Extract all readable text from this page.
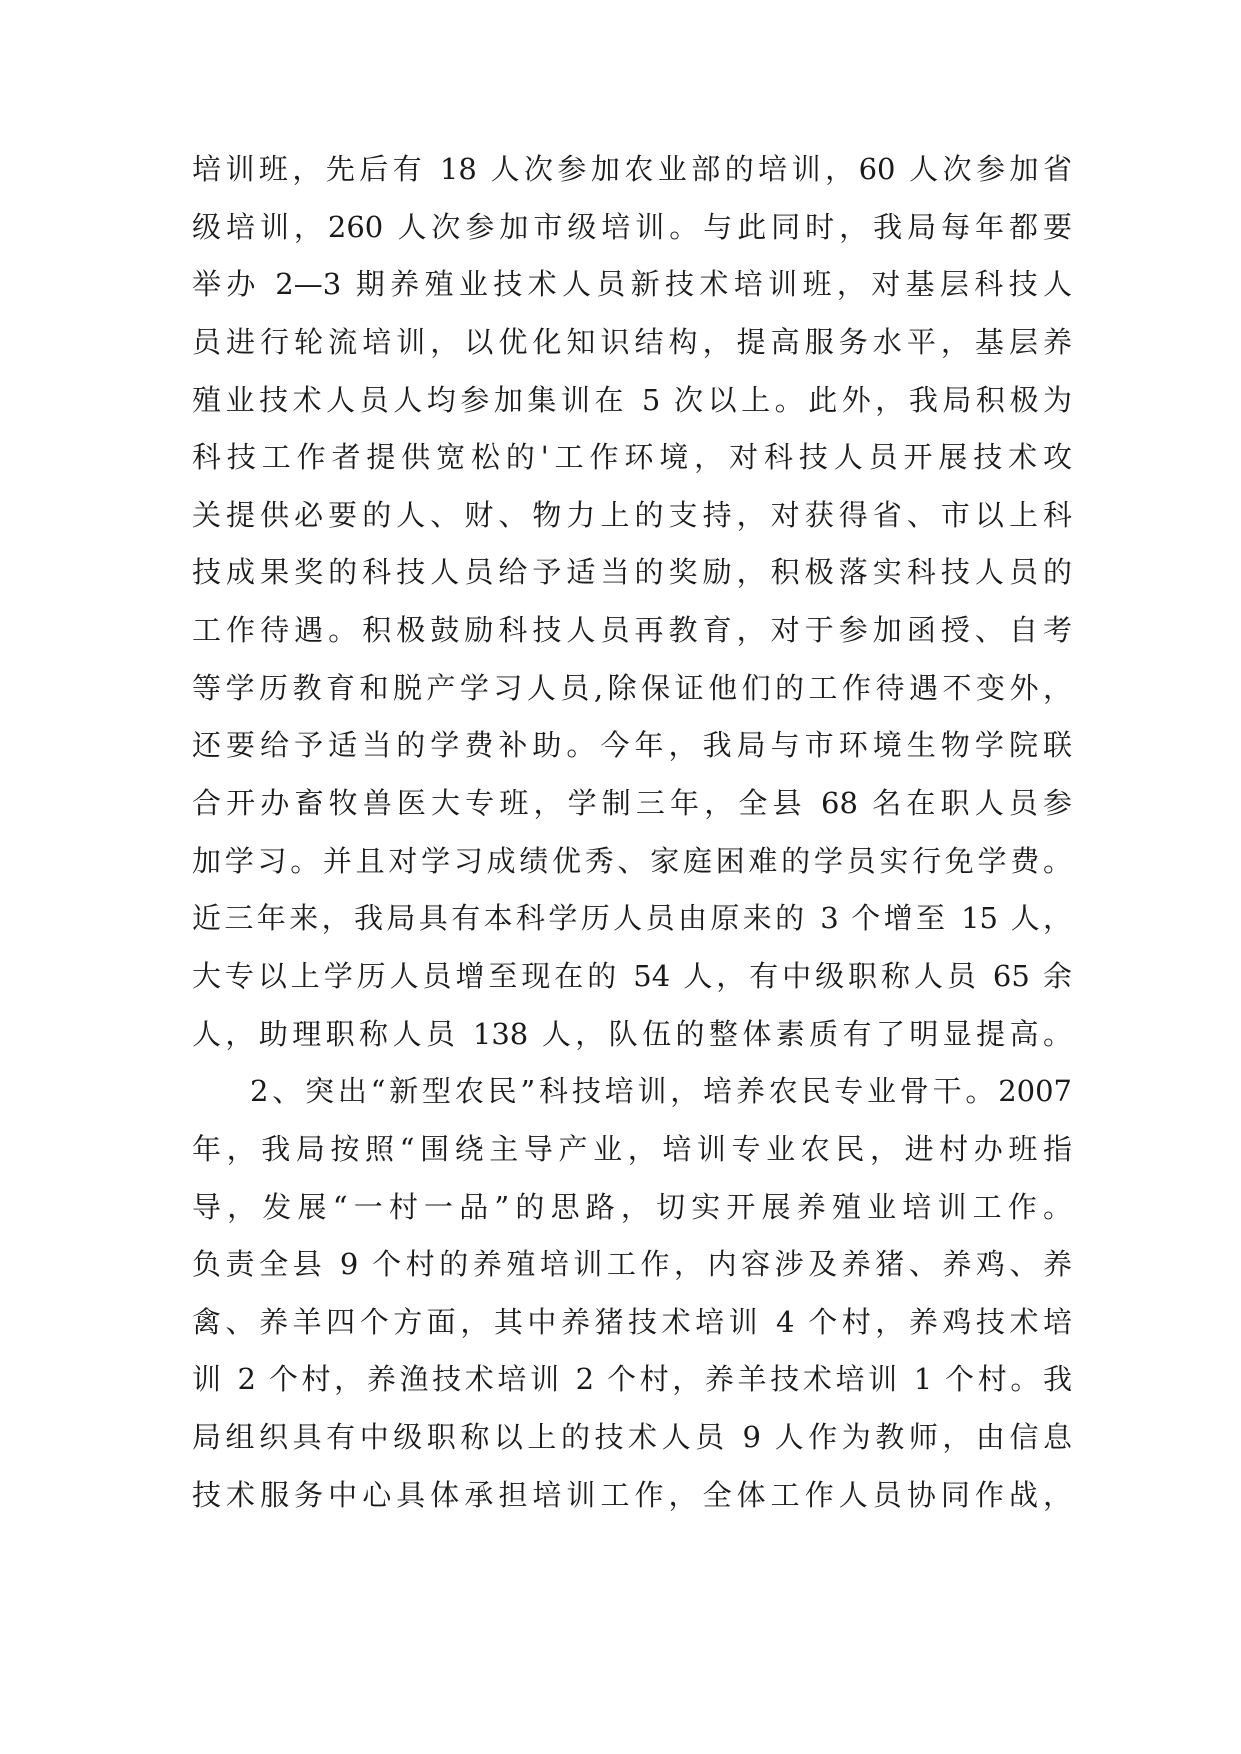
培训班，先后有 18 人次参加农业部的培训，60 人次参加省
级培训，260 人次参加市级培训。与此同时，我局每年都要
举办 2—3 期养殖业技术人员新技术培训班，对基层科技人
员进行轮流培训，以优化知识结构，提高服务水平，基层养
殖业技术人员人均参加集训在 5 次以上。此外，我局积极为
科技工作者提供宽松的'工作环境，对科技人员开展技术攻
关提供必要的人、财、物力上的支持，对获得省、市以上科
技成果奖的科技人员给予适当的奖励，积极落实科技人员的
工作待遇。积极鼓励科技人员再教育，对于参加函授、自考
等学历教育和脱产学习人员,除保证他们的工作待遇不变外，
还要给予适当的学费补助。今年，我局与市环境生物学院联
合开办畜牧兽医大专班，学制三年，全县 68 名在职人员参
加学习。并且对学习成绩优秀、家庭困难的学员实行免学费。
近三年来，我局具有本科学历人员由原来的 3 个增至 15 人，
大专以上学历人员增至现在的 54 人，有中级职称人员 65 余
人，助理职称人员 138 人，队伍的整体素质有了明显提高。
2、突出“新型农民”科技培训，培养农民专业骨干。2007
年，我局按照“围绕主导产业，培训专业农民，进村办班指
导，发展“一村一品”的思路，切实开展养殖业培训工作。
负责全县 9 个村的养殖培训工作，内容涉及养猪、养鸡、养
禽、养羊四个方面，其中养猪技术培训 4 个村，养鸡技术培
训 2 个村，养渔技术培训 2 个村，养羊技术培训 1 个村。我
局组织具有中级职称以上的技术人员 9 人作为教师，由信息
技术服务中心具体承担培训工作，全体工作人员协同作战，
